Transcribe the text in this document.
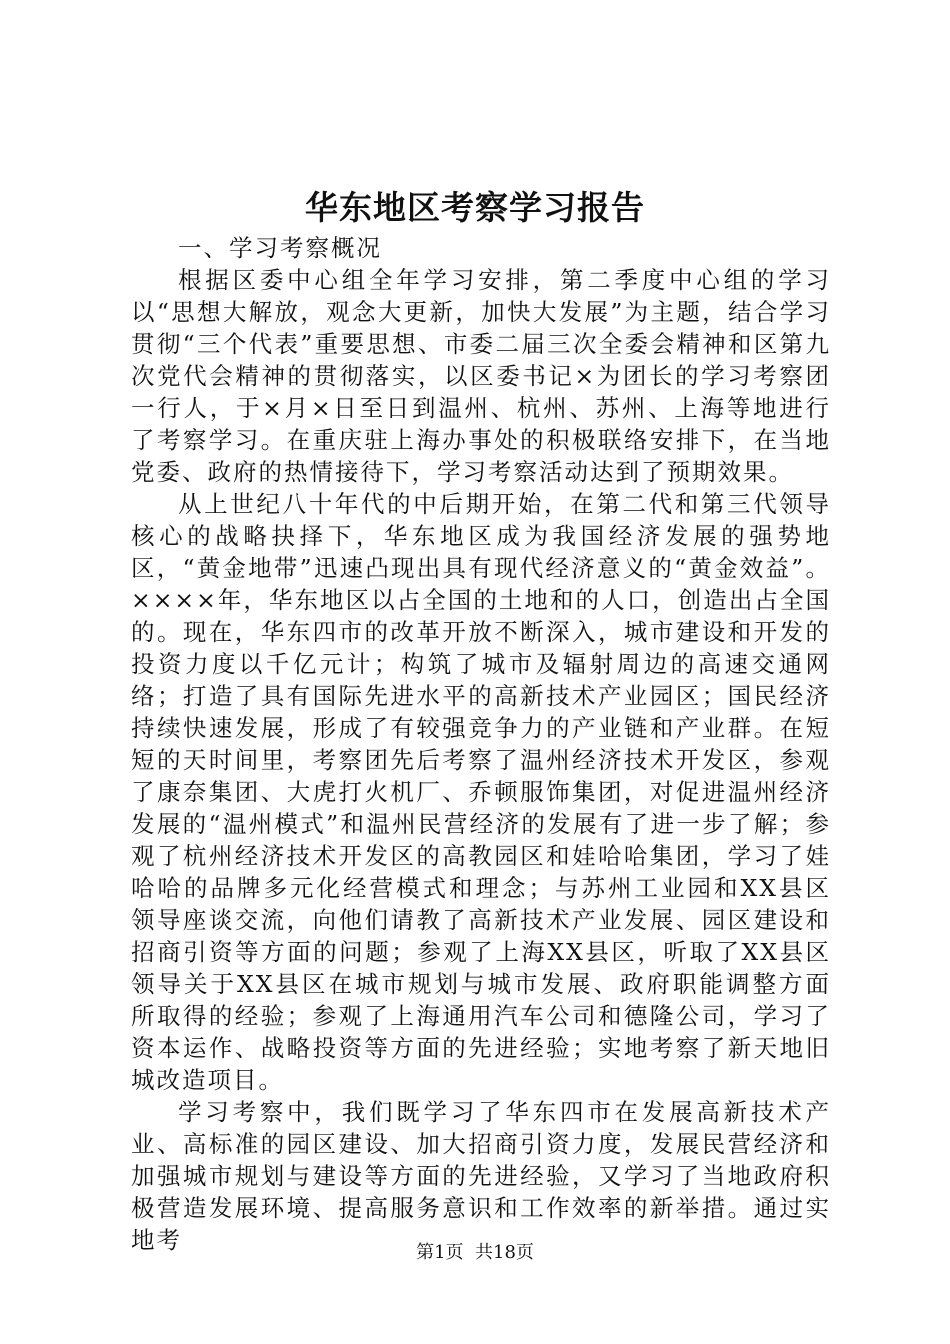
华东地区考察学习报告
一、学习考察概况

根据区委中心组全年学习安排，第二季度中心组的学习以“思想大解放，观念大更新，加快大发展”为主题，结合学习贯彻“三个代表”重要思想、市委二届三次全委会精神和区第九次党代会精神的贯彻落实，以区委书记×为团长的学习考察团一行人，于×月×日至日到温州、杭州、苏州、上海等地进行了考察学习。在重庆驻上海办事处的积极联络安排下，在当地党委、政府的热情接待下，学习考察活动达到了预期效果。

从上世纪八十年代的中后期开始，在第二代和第三代领导核心的战略抉择下，华东地区成为我国经济发展的强势地区，“黄金地带”迅速凸现出具有现代经济意义的“黄金效益”。××××年，华东地区以占全国的土地和的人口，创造出占全国的。现在，华东四市的改革开放不断深入，城市建设和开发的投资力度以千亿元计；构筑了城市及辐射周边的高速交通网络；打造了具有国际先进水平的高新技术产业园区；国民经济持续快速发展，形成了有较强竞争力的产业链和产业群。在短短的天时间里，考察团先后考察了温州经济技术开发区，参观了康奈集团、大虎打火机厂、乔顿服饰集团，对促进温州经济发展的“温州模式”和温州民营经济的发展有了进一步了解；参观了杭州经济技术开发区的高教园区和娃哈哈集团，学习了娃哈哈的品牌多元化经营模式和理念；与苏州工业园和XX县区领导座谈交流，向他们请教了高新技术产业发展、园区建设和招商引资等方面的问题；参观了上海XX县区，听取了XX县区领导关于XX县区在城市规划与城市发展、政府职能调整方面所取得的经验；参观了上海通用汽车公司和德隆公司，学习了资本运作、战略投资等方面的先进经验；实地考察了新天地旧城改造项目。

学习考察中，我们既学习了华东四市在发展高新技术产业、高标准的园区建设、加大招商引资力度，发展民营经济和加强城市规划与建设等方面的先进经验，又学习了当地政府积极营造发展环境、提高服务意识和工作效率的新举措。通过实地考	第1页 共18页
